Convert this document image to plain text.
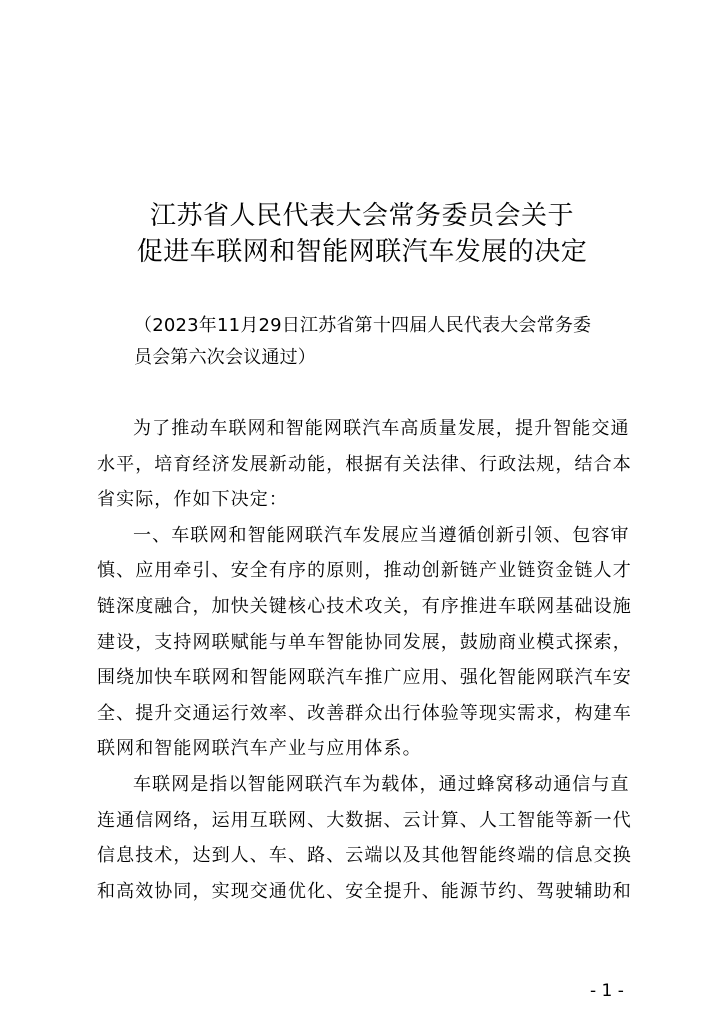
江苏省人民代表大会常务委员会关于
促进车联网和智能网联汽车发展的决定
（2023年11月29日江苏省第十四届人民代表大会常务委
员会第六次会议通过）
为了推动车联网和智能网联汽车高质量发展，提升智能交通
水平，培育经济发展新动能，根据有关法律、行政法规，结合本
省实际，作如下决定：
一、车联网和智能网联汽车发展应当遵循创新引领、包容审
慎、应用牵引、安全有序的原则，推动创新链产业链资金链人才
链深度融合，加快关键核心技术攻关，有序推进车联网基础设施
建设，支持网联赋能与单车智能协同发展，鼓励商业模式探索，
围绕加快车联网和智能网联汽车推广应用、强化智能网联汽车安
全、提升交通运行效率、改善群众出行体验等现实需求，构建车
联网和智能网联汽车产业与应用体系。
车联网是指以智能网联汽车为载体，通过蜂窝移动通信与直
连通信网络，运用互联网、大数据、云计算、人工智能等新一代
信息技术，达到人、车、路、云端以及其他智能终端的信息交换
和高效协同，实现交通优化、安全提升、能源节约、驾驶辅助和
- 1 -
